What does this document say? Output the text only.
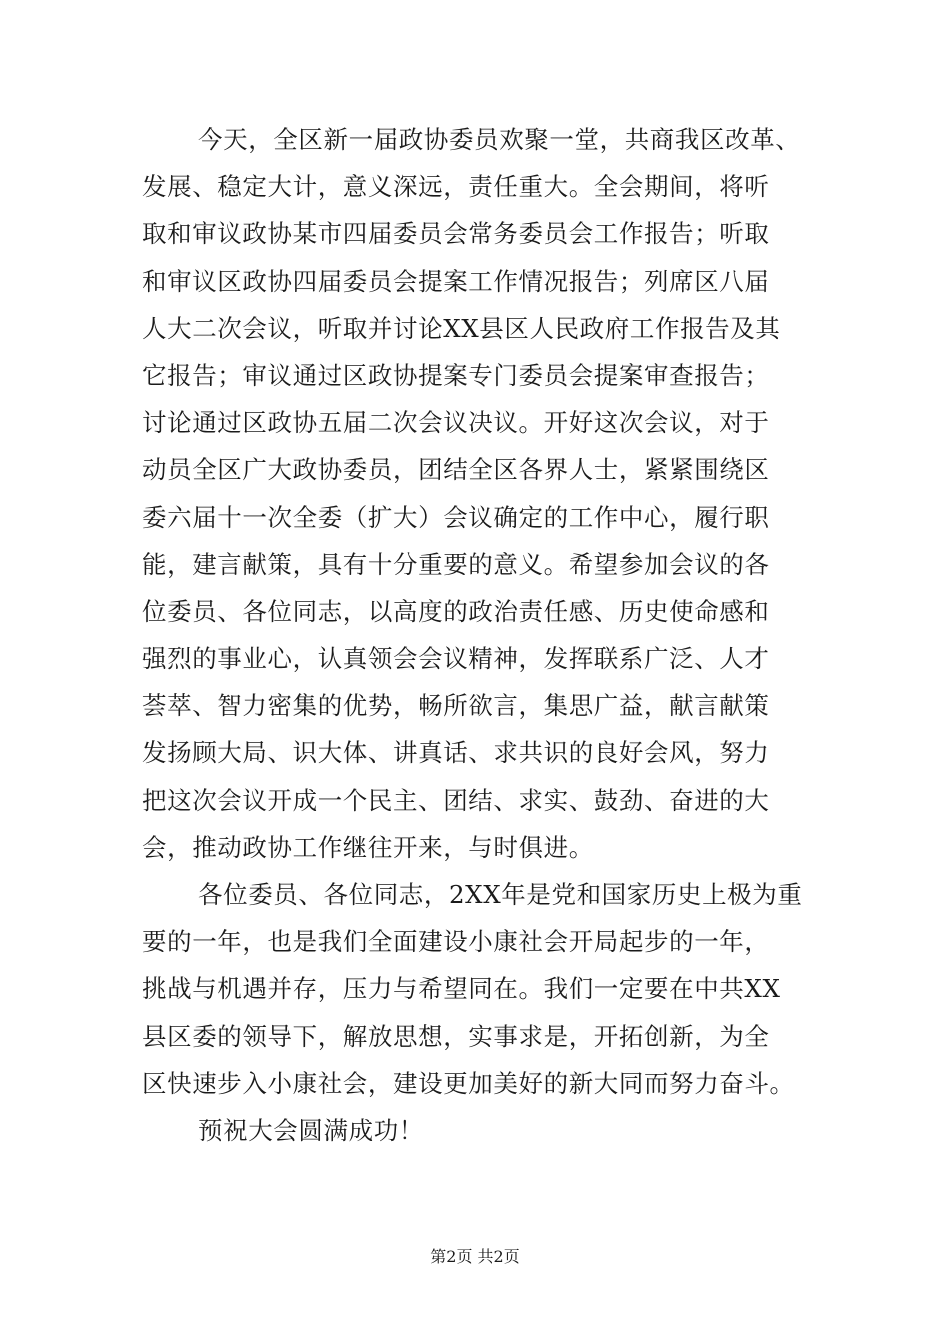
今天，全区新一届政协委员欢聚一堂，共商我区改革、
发展、稳定大计，意义深远，责任重大。全会期间，将听
取和审议政协某市四届委员会常务委员会工作报告；听取
和审议区政协四届委员会提案工作情况报告；列席区八届
人大二次会议，听取并讨论XX县区人民政府工作报告及其
它报告；审议通过区政协提案专门委员会提案审查报告；
讨论通过区政协五届二次会议决议。开好这次会议，对于
动员全区广大政协委员，团结全区各界人士，紧紧围绕区
委六届十一次全委（扩大）会议确定的工作中心，履行职
能，建言献策，具有十分重要的意义。希望参加会议的各
位委员、各位同志，以高度的政治责任感、历史使命感和
强烈的事业心，认真领会会议精神，发挥联系广泛、人才
荟萃、智力密集的优势，畅所欲言，集思广益，献言献策
发扬顾大局、识大体、讲真话、求共识的良好会风，努力
把这次会议开成一个民主、团结、求实、鼓劲、奋进的大
会，推动政协工作继往开来，与时俱进。
各位委员、各位同志，2XX年是党和国家历史上极为重
要的一年，也是我们全面建设小康社会开局起步的一年，
挑战与机遇并存，压力与希望同在。我们一定要在中共XX
县区委的领导下，解放思想，实事求是，开拓创新，为全
区快速步入小康社会，建设更加美好的新大同而努力奋斗。
预祝大会圆满成功！
第2页 共2页
